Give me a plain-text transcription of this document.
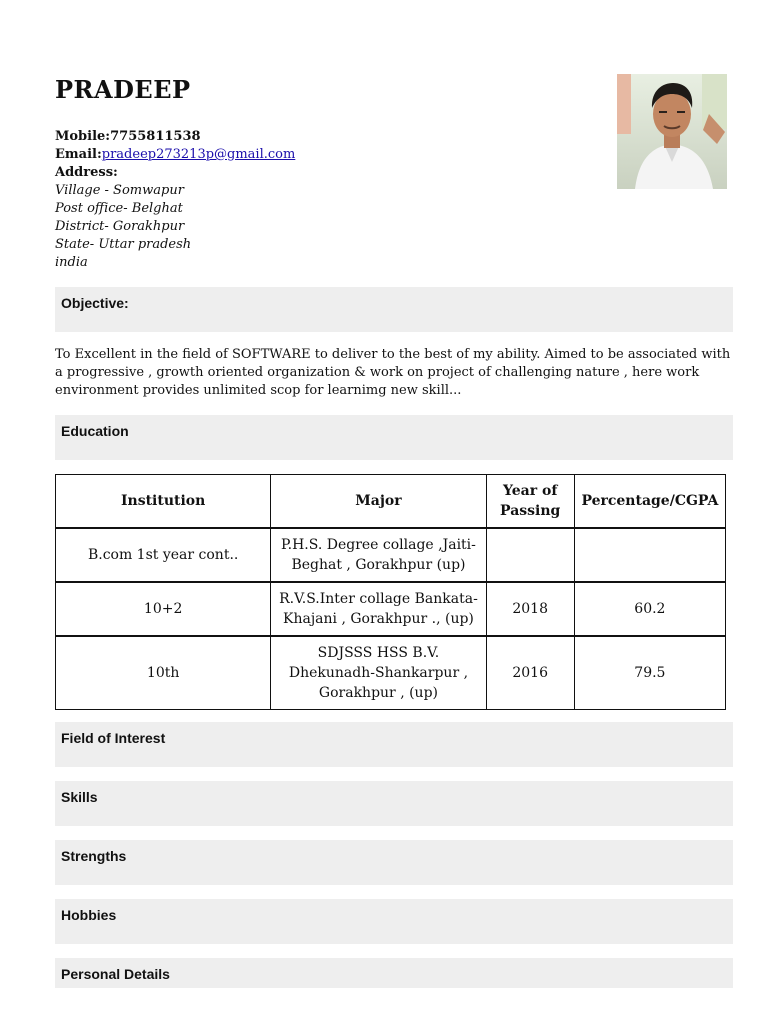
PRADEEP
Mobile:7755811538
Email:pradeep273213p@gmail.com
Address:
Village - Somwapur
Post office- Belghat
District- Gorakhpur
State- Uttar pradesh
india
Objective:

To Excellent in the field of SOFTWARE to deliver to the best of my ability. Aimed to be associated with a progressive , growth oriented organization & work on project of challenging nature , here work environment provides unlimited scop for learnimg new skill...

Education
Institution	Major	Year of Passing	Percentage/CGPA
B.com 1st year cont..	P.H.S. Degree collage ,Jaiti-Beghat , Gorakhpur (up)		
10+2	R.V.S.Inter collage Bankata-Khajani , Gorakhpur ., (up)	2018	60.2
10th	SDJSSS HSS B.V. Dhekunadh-Shankarpur , Gorakhpur , (up)	2016	79.5
Field of Interest
Skills
Strengths
Hobbies
Personal Details
